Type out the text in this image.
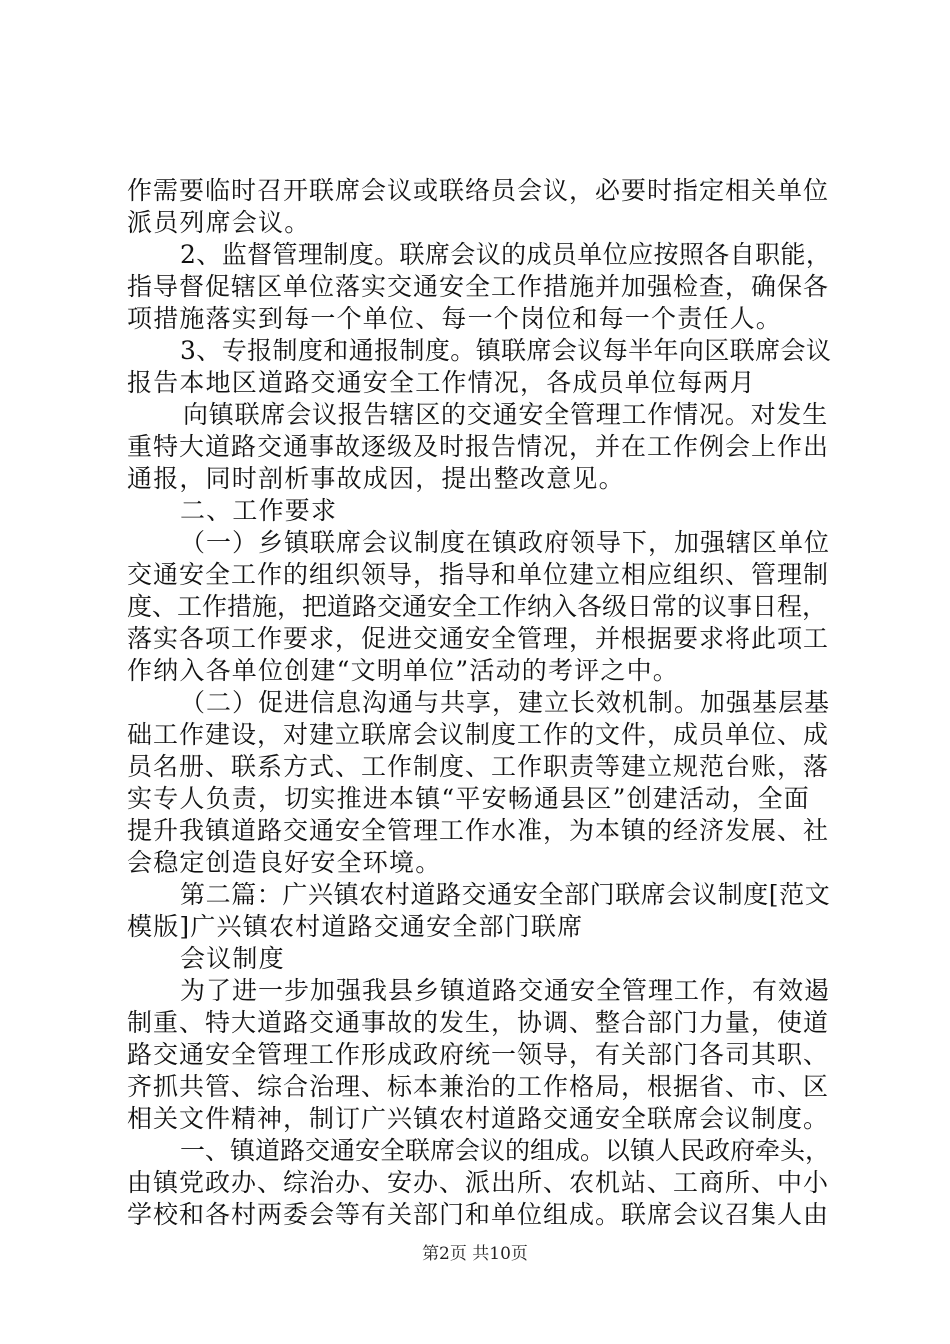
作需要临时召开联席会议或联络员会议，必要时指定相关单位
派员列席会议。
2、监督管理制度。联席会议的成员单位应按照各自职能，
指导督促辖区单位落实交通安全工作措施并加强检查，确保各
项措施落实到每一个单位、每一个岗位和每一个责任人。
3、专报制度和通报制度。镇联席会议每半年向区联席会议
报告本地区道路交通安全工作情况，各成员单位每两月
向镇联席会议报告辖区的交通安全管理工作情况。对发生
重特大道路交通事故逐级及时报告情况，并在工作例会上作出
通报，同时剖析事故成因，提出整改意见。
二、工作要求
（一）乡镇联席会议制度在镇政府领导下，加强辖区单位
交通安全工作的组织领导，指导和单位建立相应组织、管理制
度、工作措施，把道路交通安全工作纳入各级日常的议事日程，
落实各项工作要求，促进交通安全管理，并根据要求将此项工
作纳入各单位创建“文明单位”活动的考评之中。
（二）促进信息沟通与共享，建立长效机制。加强基层基
础工作建设，对建立联席会议制度工作的文件，成员单位、成
员名册、联系方式、工作制度、工作职责等建立规范台账，落
实专人负责，切实推进本镇“平安畅通县区”创建活动，全面
提升我镇道路交通安全管理工作水准，为本镇的经济发展、社
会稳定创造良好安全环境。
第二篇：广兴镇农村道路交通安全部门联席会议制度[范文
模版]广兴镇农村道路交通安全部门联席
会议制度
为了进一步加强我县乡镇道路交通安全管理工作，有效遏
制重、特大道路交通事故的发生，协调、整合部门力量，使道
路交通安全管理工作形成政府统一领导，有关部门各司其职、
齐抓共管、综合治理、标本兼治的工作格局，根据省、市、区
相关文件精神，制订广兴镇农村道路交通安全联席会议制度。
一、镇道路交通安全联席会议的组成。以镇人民政府牵头，
由镇党政办、综治办、安办、派出所、农机站、工商所、中小
学校和各村两委会等有关部门和单位组成。联席会议召集人由
第2页 共10页
